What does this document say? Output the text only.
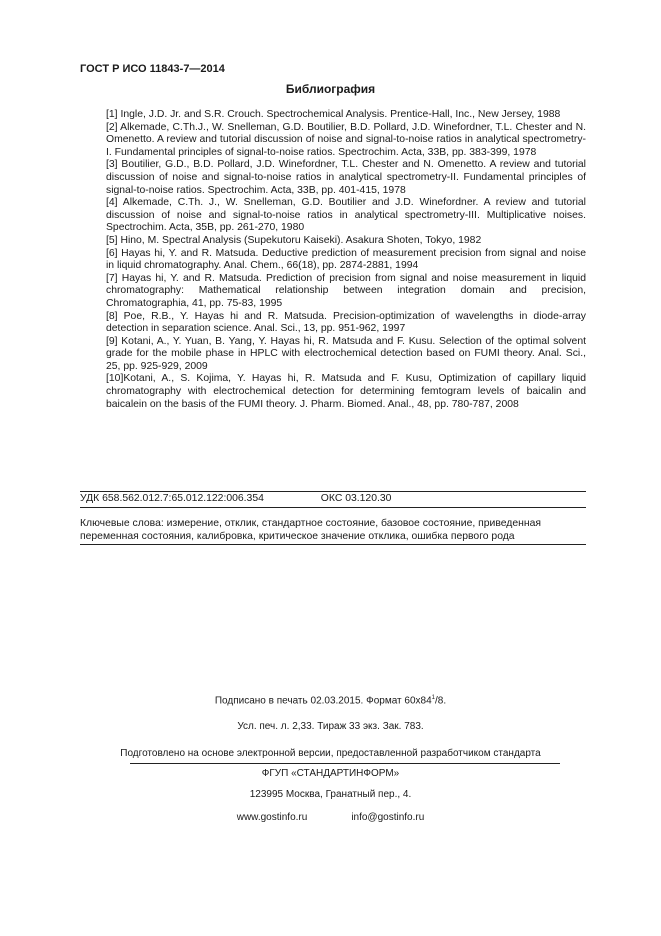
ГОСТ Р ИСО 11843-7—2014
Библиография
[1] Ingle, J.D. Jr. and S.R. Crouch. Spectrochemical Analysis. Prentice-Hall, Inc., New Jersey, 1988
[2] Alkemade, C.Th.J., W. Snelleman, G.D. Boutilier, B.D. Pollard, J.D. Winefordner, T.L. Chester and N. Omenetto. A review and tutorial discussion of noise and signal-to-noise ratios in analytical spectrometry-I. Fundamental principles of signal-to-noise ratios. Spectrochim. Acta, 33B, pp. 383-399, 1978
[3] Boutilier, G.D., B.D. Pollard, J.D. Winefordner, T.L. Chester and N. Omenetto. A review and tutorial discussion of noise and signal-to-noise ratios in analytical spectrometry-II. Fundamental principles of signal-to-noise ratios. Spectrochim. Acta, 33B, pp. 401-415, 1978
[4] Alkemade, C.Th. J., W. Snelleman, G.D. Boutilier and J.D. Winefordner. A review and tutorial discussion of noise and signal-to-noise ratios in analytical spectrometry-III. Multiplicative noises. Spectrochim. Acta, 35B, pp. 261-270, 1980
[5] Hino, M. Spectral Analysis (Supekutoru Kaiseki). Asakura Shoten, Tokyo, 1982
[6] Hayas hi, Y. and R. Matsuda. Deductive prediction of measurement precision from signal and noise in liquid chromatography. Anal. Chem., 66(18), pp. 2874-2881, 1994
[7] Hayas hi, Y. and R. Matsuda. Prediction of precision from signal and noise measurement in liquid chromatography: Mathematical relationship between integration domain and precision, Chromatographia, 41, pp. 75-83, 1995
[8] Poe, R.B., Y. Hayas hi and R. Matsuda. Precision-optimization of wavelengths in diode-array detection in separation science. Anal. Sci., 13, pp. 951-962, 1997
[9] Kotani, A., Y. Yuan, B. Yang, Y. Hayas hi, R. Matsuda and F. Kusu. Selection of the optimal solvent grade for the mobile phase in HPLC with electrochemical detection based on FUMI theory. Anal. Sci., 25, pp. 925-929, 2009
[10]Kotani, A., S. Kojima, Y. Hayas hi, R. Matsuda and F. Kusu, Optimization of capillary liquid chromatography with electrochemical detection for determining femtogram levels of baicalin and baicalein on the basis of the FUMI theory. J. Pharm. Biomed. Anal., 48, pp. 780-787, 2008
УДК 658.562.012.7:65.012.122:006.354	ОКС 03.120.30
Ключевые слова: измерение, отклик, стандартное состояние, базовое состояние, приведенная переменная состояния, калибровка, критическое значение отклика, ошибка первого рода
Подписано в печать 02.03.2015. Формат $60х84^1/8$.
Усл. печ. л. 2,33. Тираж 33 экз. Зак. 783.
Подготовлено на основе электронной версии, предоставленной разработчиком стандарта
ФГУП «СТАНДАРТИНФОРМ»
123995 Москва, Гранатный пер., 4.
www.gostinfo.ru	info@gostinfo.ru
